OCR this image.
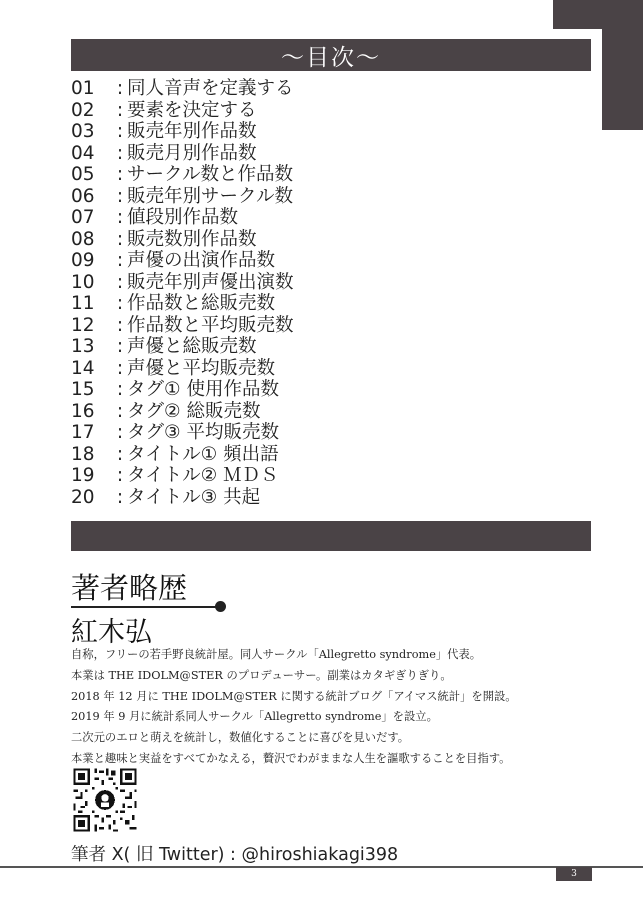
〜目次〜
01 : 同人音声を定義する
02 : 要素を決定する
03 : 販売年別作品数
04 : 販売月別作品数
05 : サークル数と作品数
06 : 販売年別サークル数
07 : 値段別作品数
08 : 販売数別作品数
09 : 声優の出演作品数
10 : 販売年別声優出演数
11 : 作品数と総販売数
12 : 作品数と平均販売数
13 : 声優と総販売数
14 : 声優と平均販売数
15 : タグ① 使用作品数
16 : タグ② 総販売数
17 : タグ③ 平均販売数
18 : タイトル① 頻出語
19 : タイトル② ＭＤＳ
20 : タイトル③ 共起
著者略歴
紅木弘
自称，フリーの若手野良統計屋。同人サークル「Allegretto syndrome」代表。
本業は THE IDOLM@STER のプロデューサー。副業はカタギぎりぎり。
2018 年 12 月に THE IDOLM@STER に関する統計ブログ「アイマス統計」を開設。
2019 年 9 月に統計系同人サークル「Allegretto syndrome」を設立。
二次元のエロと萌えを統計し，数値化することに喜びを見いだす。
本業と趣味と実益をすべてかなえる，贅沢でわがままな人生を謳歌することを目指す。
筆者 X( 旧 Twitter) : @hiroshiakagi398
3
